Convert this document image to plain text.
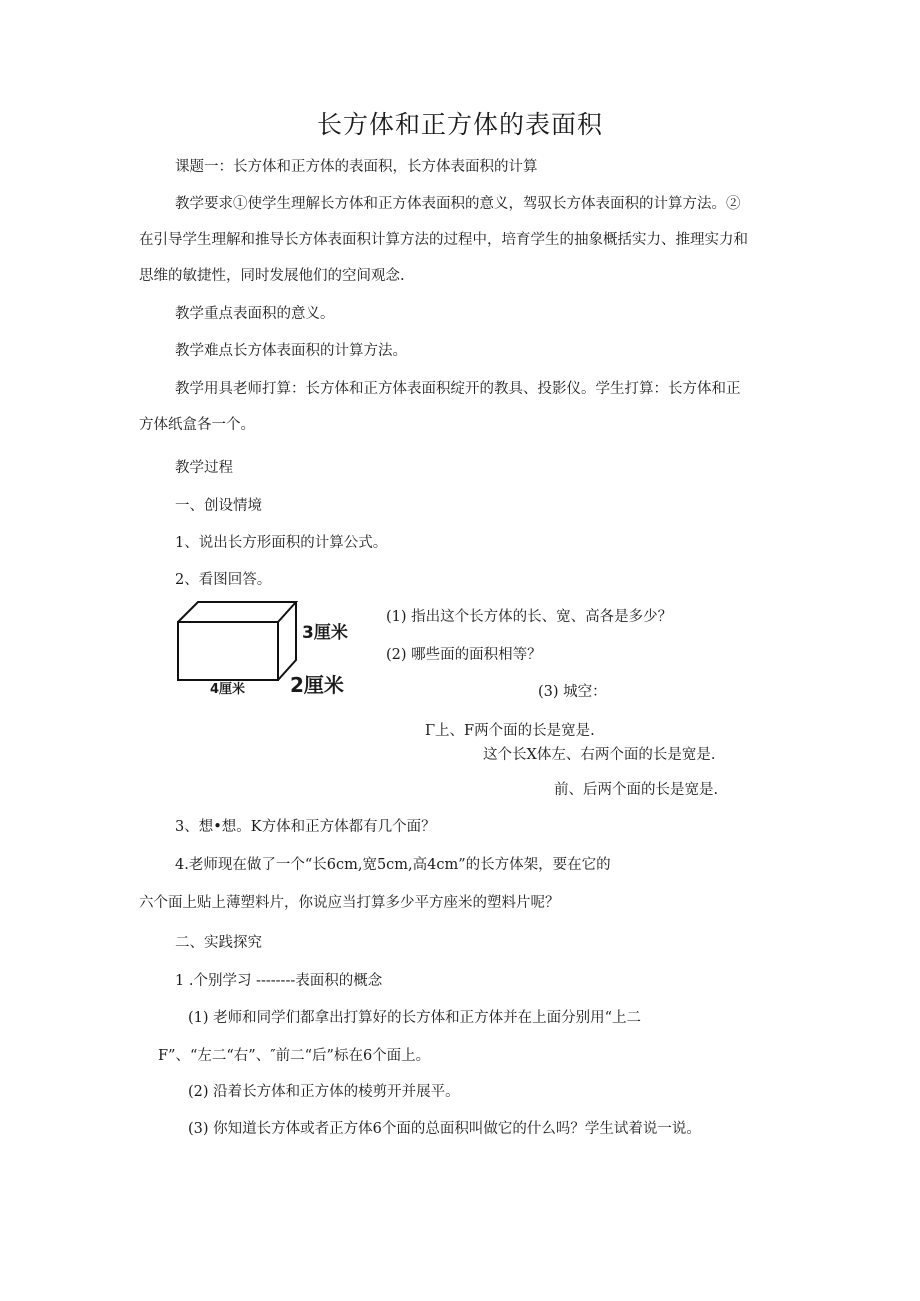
长方体和正方体的表面积
课题一：长方体和正方体的表面积，长方体表面积的计算
教学要求①使学生理解长方体和正方体表面积的意义，驾驭长方体表面积的计算方法。②
在引导学生理解和推导长方体表面积计算方法的过程中，培育学生的抽象概括实力、推理实力和
思维的敏捷性，同时发展他们的空间观念.
教学重点表面积的意义。
教学难点长方体表面积的计算方法。
教学用具老师打算：长方体和正方体表面积绽开的教具、投影仪。学生打算：长方体和正
方体纸盒各一个。
教学过程
一、创设情境
1、说出长方形面积的计算公式。
2、看图回答。
3厘米
4厘米 2厘米
(1) 指出这个长方体的长、宽、高各是多少？
(2) 哪些面的面积相等？
(3) 城空：
Γ上、F两个面的长是宽是.
这个长X体左、右两个面的长是宽是.
前、后两个面的长是宽是.
3、想•想。K方体和正方体都有几个面？
4.老师现在做了一个“长6cm,宽5cm,高4cm”的长方体架，要在它的
六个面上贴上薄塑料片，你说应当打算多少平方座米的塑料片呢？
二、实践探究
1 .个别学习 --------表面积的概念
(1) 老师和同学们都拿出打算好的长方体和正方体并在上面分别用“上二
F”、“左二“右”、″前二“后”标在6个面上。
(2) 沿着长方体和正方体的棱剪开并展平。
(3) 你知道长方体或者正方体6个面的总面积叫做它的什么吗？学生试着说一说。
